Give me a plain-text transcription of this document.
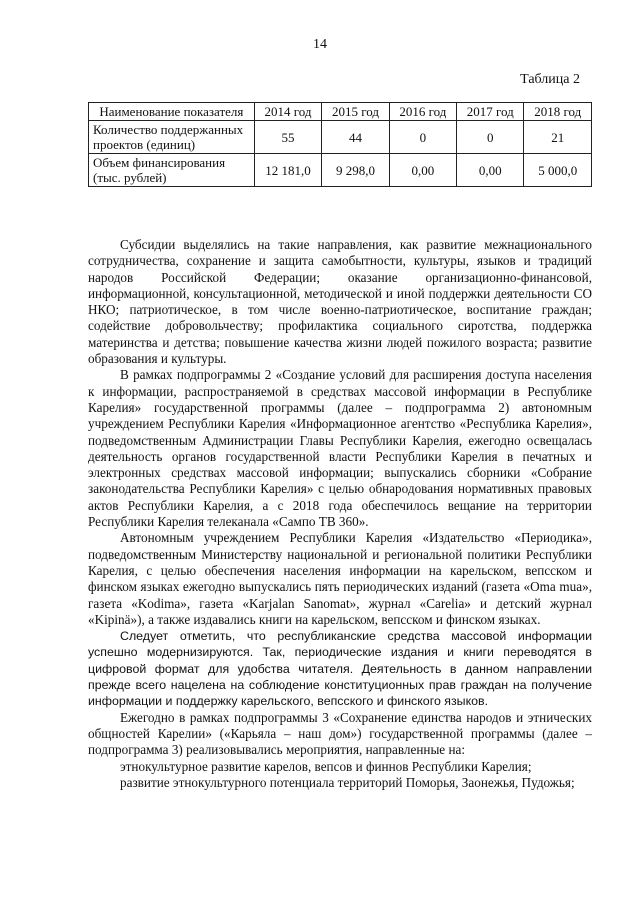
14
Таблица 2
Наименование показателя	2014 год	2015 год	2016 год	2017 год	2018 год
Количество поддержанных проектов (единиц)	55	44	0	0	21
Объем финансирования (тыс. рублей)	12 181,0	9 298,0	0,00	0,00	5 000,0

Субсидии выделялись на такие направления, как развитие межнационального сотрудничества, сохранение и защита самобытности, культуры, языков и традиций народов Российской Федерации; оказание организационно-финансовой, информационной, консультационной, методической и иной поддержки деятельности СО НКО; патриотическое, в том числе военно-патриотическое, воспитание граждан; содействие добровольчеству; профилактика социального сиротства, поддержка материнства и детства; повышение качества жизни людей пожилого возраста; развитие образования и культуры.

В рамках подпрограммы 2 «Создание условий для расширения доступа населения к информации, распространяемой в средствах массовой информации в Республике Карелия» государственной программы (далее – подпрограмма 2) автономным учреждением Республики Карелия «Информационное агентство «Республика Карелия», подведомственным Администрации Главы Республики Карелия, ежегодно освещалась деятельность органов государственной власти Республики Карелия в печатных и электронных средствах массовой информации; выпускались сборники «Собрание законодательства Республики Карелия» с целью обнародования нормативных правовых актов Республики Карелия, а с 2018 года обеспечилось вещание на территории Республики Карелия телеканала «Сампо ТВ 360».

Автономным учреждением Республики Карелия «Издательство «Периодика», подведомственным Министерству национальной и региональной политики Республики Карелия, с целью обеспечения населения информации на карельском, вепсском и финском языках ежегодно выпускались пять периодических изданий (газета «Oma mua», газета «Kodima», газета «Karjalan Sanomat», журнал «Carelia» и детский журнал «Kipinä»), а также издавались книги на карельском, вепсском и финском языках.

Следует отметить, что республиканские средства массовой информации успешно модернизируются. Так, периодические издания и книги переводятся в цифровой формат для удобства читателя. Деятельность в данном направлении прежде всего нацелена на соблюдение конституционных прав граждан на получение информации и поддержку карельского, вепсского и финского языков.

Ежегодно в рамках подпрограммы 3 «Сохранение единства народов и этнических общностей Карелии» («Карьяла – наш дом») государственной программы (далее – подпрограмма 3) реализовывались мероприятия, направленные на:

этнокультурное развитие карелов, вепсов и финнов Республики Карелия;

развитие этнокультурного потенциала территорий Поморья, Заонежья, Пудожья;
